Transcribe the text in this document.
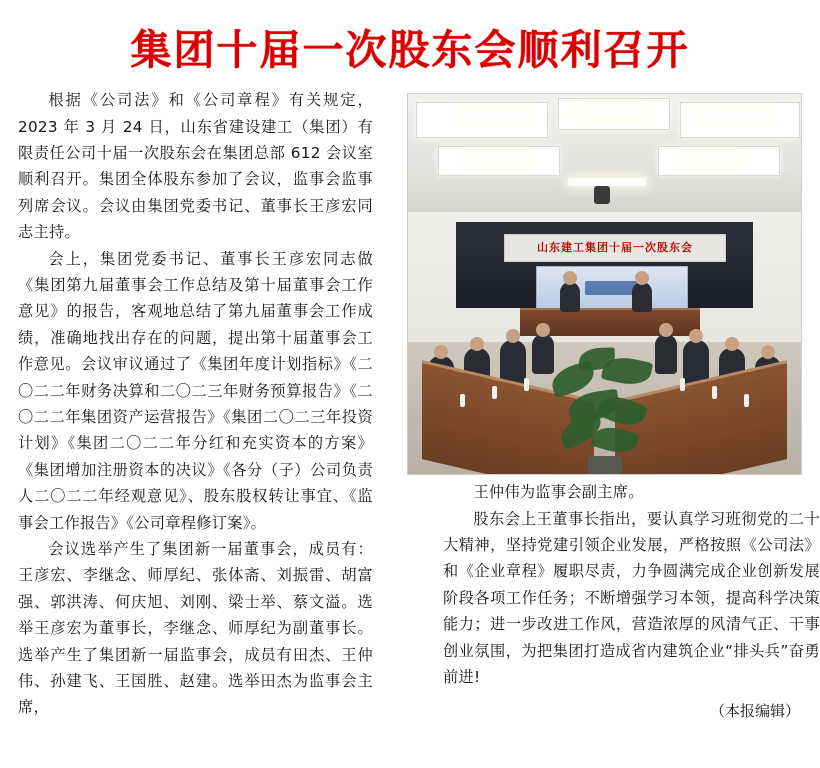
集团十届一次股东会顺利召开
山东建工集团十届一次股东会

根据《公司法》和《公司章程》有关规定，2023 年 3 月 24 日，山东省建设建工（集团）有限责任公司十届一次股东会在集团总部 612 会议室顺利召开。集团全体股东参加了会议，监事会监事列席会议。会议由集团党委书记、董事长王彦宏同志主持。

会上，集团党委书记、董事长王彦宏同志做《集团第九届董事会工作总结及第十届董事会工作意见》的报告，客观地总结了第九届董事会工作成绩，准确地找出存在的问题，提出第十届董事会工作意见。会议审议通过了《集团年度计划指标》《二〇二二年财务决算和二〇二三年财务预算报告》《二〇二二年集团资产运营报告》《集团二〇二三年投资计划》《集团二〇二二年分红和充实资本的方案》《集团增加注册资本的决议》《各分（子）公司负责人二〇二二年经观意见》、股东股权转让事宜、《监事会工作报告》《公司章程修订案》。

会议选举产生了集团新一届董事会，成员有：王彦宏、李继念、师厚纪、张体斋、刘振雷、胡富强、郭洪涛、何庆旭、刘刚、梁士举、蔡文溢。选举王彦宏为董事长，李继念、师厚纪为副董事长。选举产生了集团新一届监事会，成员有田杰、王仲伟、孙建飞、王国胜、赵建。选举田杰为监事会主席，

王仲伟为监事会副主席。

股东会上王董事长指出，要认真学习班彻党的二十大精神，坚持党建引领企业发展，严格按照《公司法》和《企业章程》履职尽责，力争圆满完成企业创新发展阶段各项工作任务；不断增强学习本领，提高科学决策能力；进一步改进工作风，营造浓厚的风清气正、干事创业氛围，为把集团打造成省内建筑企业“排头兵”奋勇前进!

（本报编辑）
